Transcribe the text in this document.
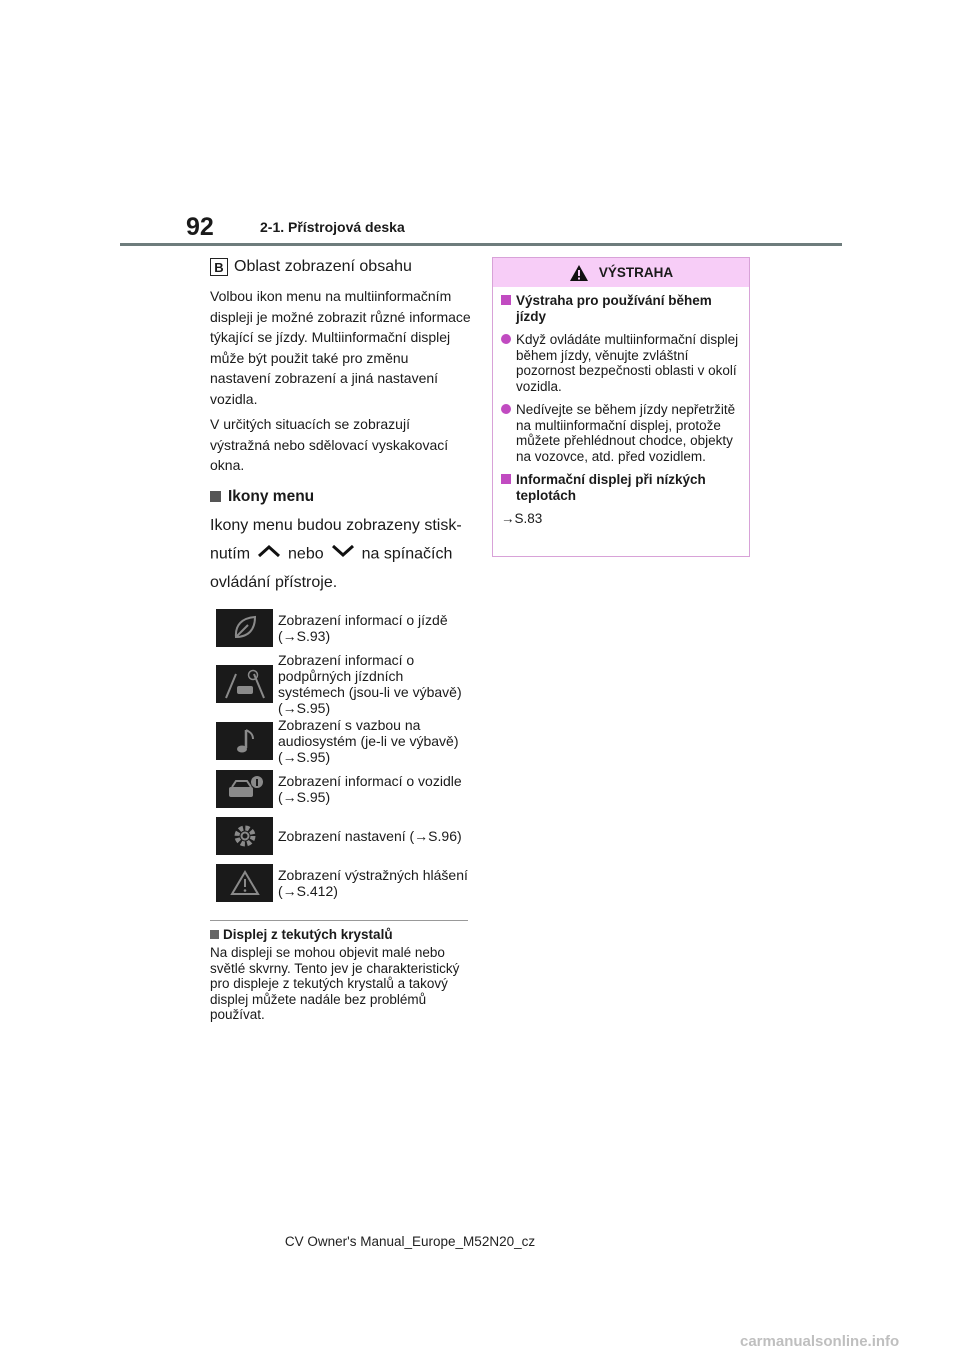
92	2-1. Přístrojová deska
B Oblast zobrazení obsahu

Volbou ikon menu na multiinformačním displeji je možné zobrazit různé informace týkající se jízdy. Multiinformační displej může být použit také pro změnu nastavení zobrazení a jiná nastavení vozidla.

V určitých situacích se zobrazují výstražná nebo sdělovací vyskakovací okna.

Ikony menu

Ikony menu budou zobrazeny stisk-

nutím nebo na spínačích

ovládání přístroje.

Zobrazení informací o jízdě (→S.93)
Zobrazení informací o podpůrných jízdních systémech (jsou-li ve výbavě) (→S.95)
Zobrazení s vazbou na audiosystém (je-li ve výbavě) (→S.95)
Zobrazení informací o vozidle (→S.95)
Zobrazení nastavení (→S.96)
Zobrazení výstražných hlášení (→S.412)
Displej z tekutých krystalů

Na displeji se mohou objevit malé nebo světlé skvrny. Tento jev je charakteristický pro displeje z tekutých krystalů a takový displej můžete nadále bez problémů používat.

VÝSTRAHA
Výstraha pro používání během jízdy
Když ovládáte multiinformační displej během jízdy, věnujte zvláštní pozornost bezpečnosti oblasti v okolí vozidla.
Nedívejte se během jízdy nepřetržitě na multiinformační displej, protože můžete přehlédnout chodce, objekty na vozovce, atd. před vozidlem.
Informační displej při nízkých teplotách
→S.83
CV Owner's Manual_Europe_M52N20_cz
carmanualsonline.info
